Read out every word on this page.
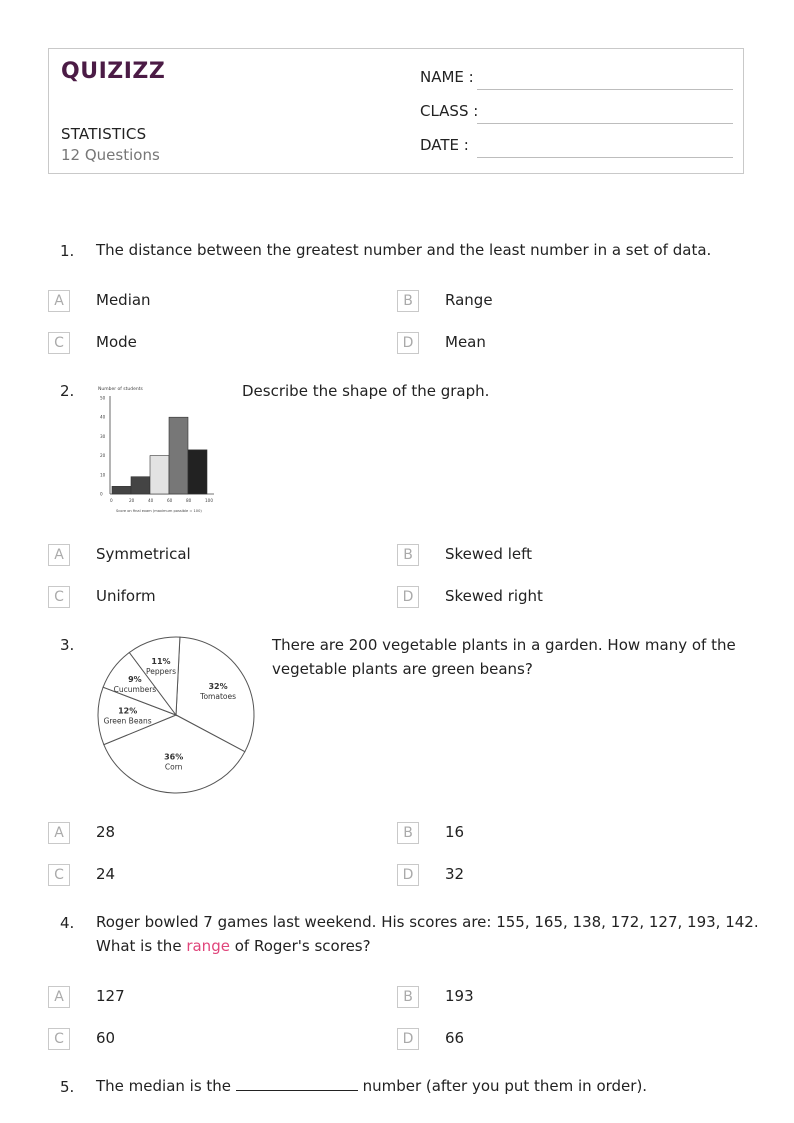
QUIZIZZ
STATISTICS
12 Questions
NAME :
CLASS :
DATE :
1. The distance between the greatest number and the least number in a set of data.
A	Median	B	Range
C	Mode	D	Mean
2.	Number of students
0
10
20
30
40
50
0	20	40	60	80	100
Score on final exam (maximum possible = 100)
Describe the shape of the graph.
A	Symmetrical	B	Skewed left
C	Uniform	D	Skewed right
3.
32%
Tomatoes
36%
Corn
12%
Green Beans
9%
Cucumbers
11%
Peppers
There are 200 vegetable plants in a garden. How many of the
vegetable plants are green beans?
A	28	B	16
C	24	D	32
4. Roger bowled 7 games last weekend. His scores are: 155, 165, 138, 172, 127, 193, 142.
What is the range of Roger's scores?
A	127	B	193
C	60	D	66
5. The median is the	number (after you put them in order).
